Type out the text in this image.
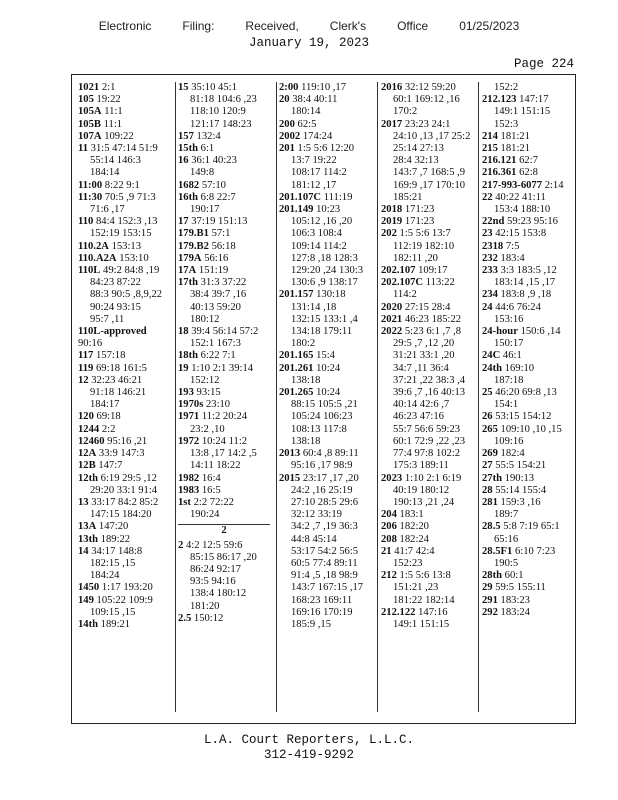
Electronic   Filing:   Received,   Clerk's   Office   01/25/2023
January 19, 2023
Page 224
1021 2:1
105 19:22
105A 11:1
105B 11:1
107A 109:22
11 31:5 47:14 51:9
55:14 146:3
184:14
11:00 8:22 9:1
11:30 70:5 ,9 71:3
71:6 ,17
110 84:4 152:3 ,13
152:19 153:15
110.2A 153:13
110.A2A 153:10
110L 49:2 84:8 ,19
84:23 87:22
88:3 90:5 ,8,9,22
90:24 93:15
95:7 ,11
110L-approved 90:16
117 157:18
119 69:18 161:5
12 32:23 46:21
91:18 146:21
184:17
120 69:18
1244 2:2
12460 95:16 ,21
12A 33:9 147:3
12B 147:7
12th 6:19 29:5 ,12
29:20 33:1 91:4
13 33:17 84:2 85:2
147:15 184:20
13A 147:20
13th 189:22
14 34:17 148:8
182:15 ,15
184:24
1450 1:17 193:20
149 105:22 109:9
109:15 ,15
14th 189:21
15 35:10 45:1
81:18 104:6 ,23
118:10 120:9
121:17 148:23
157 132:4
15th 6:1
16 36:1 40:23
149:8
1682 57:10
16th 6:8 22:7
190:17
17 37:19 151:13
179.B1 57:1
179.B2 56:18
179A 56:16
17A 151:19
17th 31:3 37:22
38:4 39:7 ,16
40:13 59:20
180:12
18 39:4 56:14 57:2
152:1 167:3
18th 6:22 7:1
19 1:10 2:1 39:14
152:12
193 93:15
1970s 23:10
1971 11:2 20:24
23:2 ,10
1972 10:24 11:2
13:8 ,17 14:2 ,5
14:11 18:22
1982 16:4
1983 16:5
1st 2:2 72:22
190:24
2
2 4:2 12:5 59:6
85:15 86:17 ,20
86:24 92:17
93:5 94:16
138:4 180:12
181:20
2.5 150:12
2:00 119:10 ,17
20 38:4 40:11
180:14
200 62:5
2002 174:24
201 1:5 5:6 12:20
13:7 19:22
108:17 114:2
181:12 ,17
201.107C 111:19
201.149 10:23
105:12 ,16 ,20
106:3 108:4
109:14 114:2
127:8 ,18 128:3
129:20 ,24 130:3
130:6 ,9 138:17
201.157 130:18
131:14 ,18
132:15 133:1 ,4
134:18 179:11
180:2
201.165 15:4
201.261 10:24
138:18
201.265 10:24
88:15 105:5 ,21
105:24 106:23
108:13 117:8
138:18
2013 60:4 ,8 89:11
95:16 ,17 98:9
2015 23:17 ,17 ,20
24:2 ,16 25:19
27:10 28:5 29:6
32:12 33:19
34:2 ,7 ,19 36:3
44:8 45:14
53:17 54:2 56:5
60:5 77:4 89:11
91:4 ,5 ,18 98:9
143:7 167:15 ,17
168:23 169:11
169:16 170:19
185:9 ,15
2016 32:12 59:20
60:1 169:12 ,16
170:2
2017 23:23 24:1
24:10 ,13 ,17 25:2
25:14 27:13
28:4 32:13
143:7 ,7 168:5 ,9
169:9 ,17 170:10
185:21
2018 171:23
2019 171:23
202 1:5 5:6 13:7
112:19 182:10
182:11 ,20
202.107 109:17
202.107C 113:22
114:2
2020 27:15 28:4
2021 46:23 185:22
2022 5:23 6:1 ,7 ,8
29:5 ,7 ,12 ,20
31:21 33:1 ,20
34:7 ,11 36:4
37:21 ,22 38:3 ,4
39:6 ,7 ,16 40:13
40:14 42:6 ,7
46:23 47:16
55:7 56:6 59:23
60:1 72:9 ,22 ,23
77:4 97:8 102:2
175:3 189:11
2023 1:10 2:1 6:19
40:19 180:12
190:13 ,21 ,24
204 183:1
206 182:20
208 182:24
21 41:7 42:4
152:23
212 1:5 5:6 13:8
151:21 ,23
181:22 182:14
212.122 147:16
149:1 151:15
152:2
212.123 147:17
149:1 151:15
152:3
214 181:21
215 181:21
216.121 62:7
216.361 62:8
217-993-6077 2:14
22 40:22 41:11
153:4 188:10
22nd 59:23 95:16
23 42:15 153:8
2318 7:5
232 183:4
233 3:3 183:5 ,12
183:14 ,15 ,17
234 183:8 ,9 ,18
24 44:6 76:24
153:16
24-hour 150:6 ,14
150:17
24C 46:1
24th 169:10
187:18
25 46:20 69:8 ,13
154:1
26 53:15 154:12
265 109:10 ,10 ,15
109:16
269 182:4
27 55:5 154:21
27th 190:13
28 55:14 155:4
281 159:3 ,16
189:7
28.5 5:8 7:19 65:1
65:16
28.5F1 6:10 7:23
190:5
28th 60:1
29 59:5 155:11
291 183:23
292 183:24
L.A. Court Reporters, L.L.C.
312-419-9292
